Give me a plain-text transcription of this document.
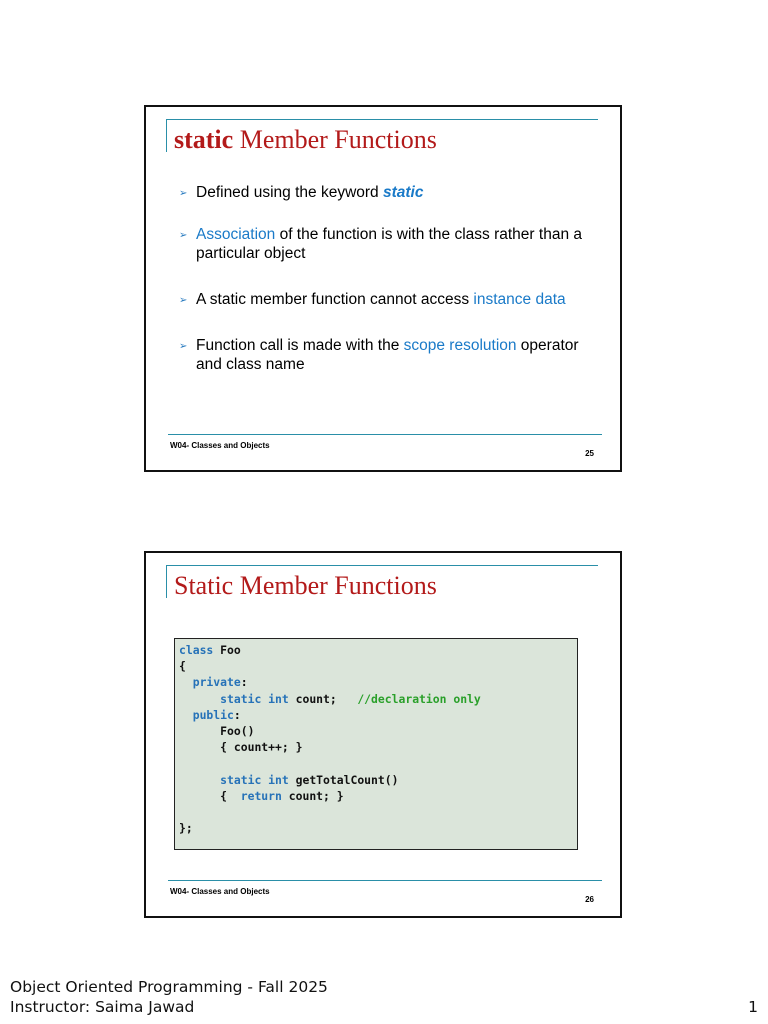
static Member Functions
➢ Defined using the keyword static
➢ Association of the function is with the class rather than a particular object
➢ A static member function cannot access instance data
➢ Function call is made with the scope resolution operator and class name
W04- Classes and Objects
25
Static Member Functions
class Foo
{
private:
static int count;   //declaration only
public:
Foo()
{ count++; }

static int getTotalCount()
{  return count; }

};
W04- Classes and Objects
26
Object Oriented Programming - Fall 2025
Instructor: Saima Jawad	1
